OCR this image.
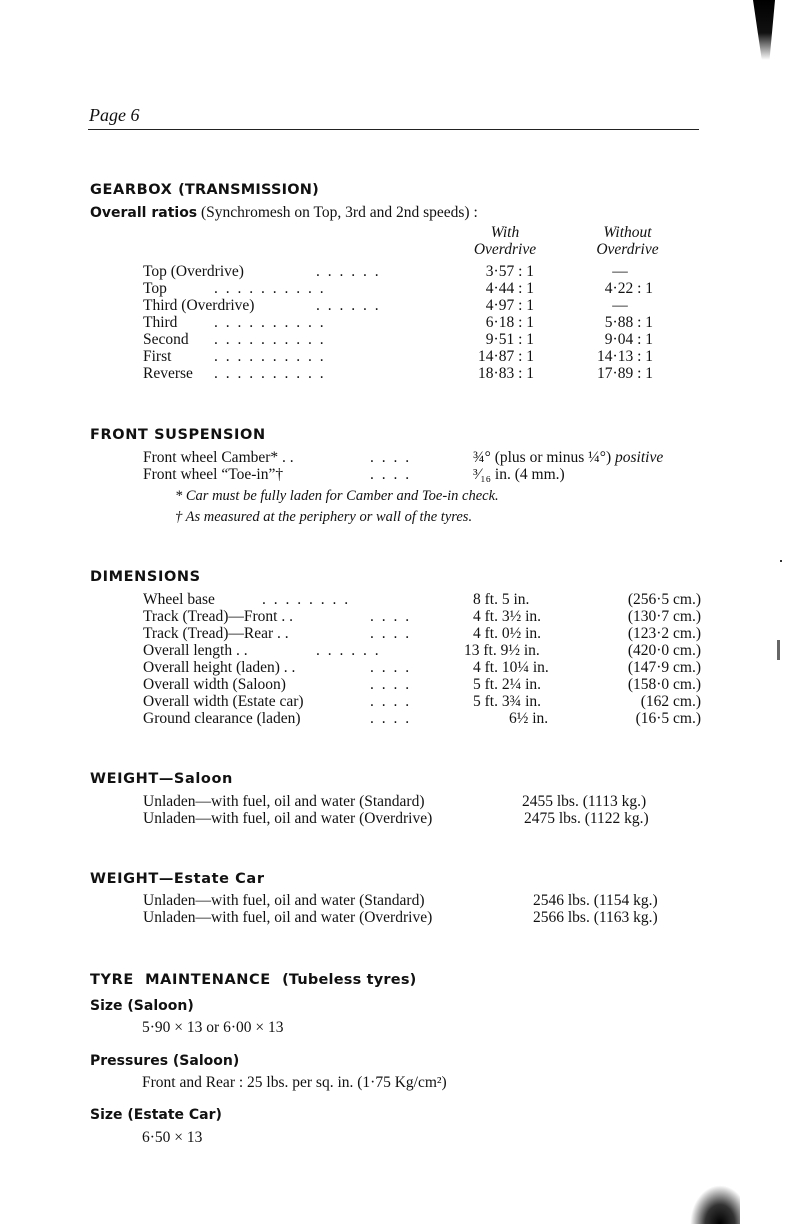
Page 6
GEARBOX (TRANSMISSION)
Overall ratios (Synchromesh on Top, 3rd and 2nd speeds) :
With
Overdrive
Without
Overdrive
Top (Overdrive)	. . . . . .	3·57 : 1	—
Top	. . . . . . . . . .	4·44 : 1	4·22 : 1
Third (Overdrive)	. . . . . .	4·97 : 1	—
Third . . . . . . . . . .	6·18 : 1	5·88 : 1
Second . . . . . . . . . .	9·51 : 1	9·04 : 1
First	. . . . . . . . . .	14·87 : 1	14·13 : 1
Reverse . . . . . . . . . .	18·83 : 1	17·89 : 1
FRONT SUSPENSION
Front wheel Camber* . .	. . . .	¾° (plus or minus ¼°) positive
Front wheel “Toe-in”†	. . . .	³⁄₁₆ in. (4 mm.)
* Car must be fully laden for Camber and Toe-in check.
† As measured at the periphery or wall of the tyres.
DIMENSIONS
Wheel base	. . . . . . . .	8 ft. 5 in.	(256·5 cm.)
Track (Tread)—Front . .	. . . .	4 ft. 3½ in.	(130·7 cm.)
Track (Tread)—Rear . .	. . . .	4 ft. 0½ in.	(123·2 cm.)
Overall length . .	. . . . . .	13 ft. 9½ in.	(420·0 cm.)
Overall height (laden) . .	. . . .	4 ft. 10¼ in.	(147·9 cm.)
Overall width (Saloon)	. . . .	5 ft. 2¼ in.	(158·0 cm.)
Overall width (Estate car)	. . . .	5 ft. 3¾ in.	(162 cm.)
Ground clearance (laden)	. . . .	6½ in.	(16·5 cm.)
WEIGHT—Saloon
Unladen—with fuel, oil and water (Standard)	2455 lbs. (1113 kg.)
Unladen—with fuel, oil and water (Overdrive)	2475 lbs. (1122 kg.)
WEIGHT—Estate Car
Unladen—with fuel, oil and water (Standard)	2546 lbs. (1154 kg.)
Unladen—with fuel, oil and water (Overdrive)	2566 lbs. (1163 kg.)
TYRE  MAINTENANCE (Tubeless tyres)
Size (Saloon)
5·90 × 13 or 6·00 × 13
Pressures (Saloon)
Front and Rear : 25 lbs. per sq. in. (1·75 Kg/cm²)
Size (Estate Car)
6·50 × 13
